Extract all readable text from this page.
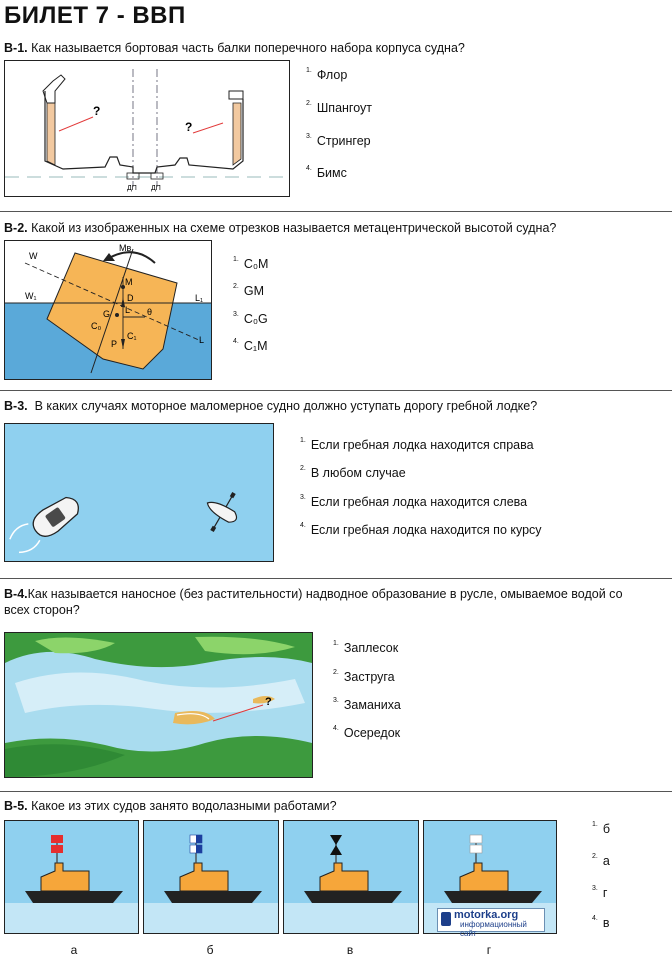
БИЛЕТ 7 - ВВП
В-1. Как называется бортовая часть балки поперечного набора корпуса судна?
?
?
ДП ДП
$^{1.}$ Флор
$^{2.}$ Шпангоут
$^{3.}$ Стрингер
$^{4.}$ Бимс
В-2. Какой из изображенных на схеме отрезков называется метацентрической высотой судна?
W
Mв
W₁	L₁
M
D
L
G	θ
C₀
C₁
P	L
$^{1.}$ C₀M
$^{2.}$ GM
$^{3.}$ C₀G
$^{4.}$ C₁M
В-3. В каких случаях моторное маломерное судно должно уступать дорогу гребной лодке?
$^{1.}$ Если гребная лодка находится справа
$^{2.}$ В любом случае
$^{3.}$ Если гребная лодка находится слева
$^{4.}$ Если гребная лодка находится по курсу
В-4.Как называется наносное (без растительности) надводное образование в русле, омываемое водой со
всех сторон?
?
$^{1.}$ Заплесок
$^{2.}$ Заструга
$^{3.}$ Заманиха
$^{4.}$ Осередок
В-5. Какое из этих судов занято водолазными работами?
motorka.org
информационный сайт
а	б	в	г
$^{1.}$ б
$^{2.}$ а
$^{3.}$ г
$^{4.}$ в
